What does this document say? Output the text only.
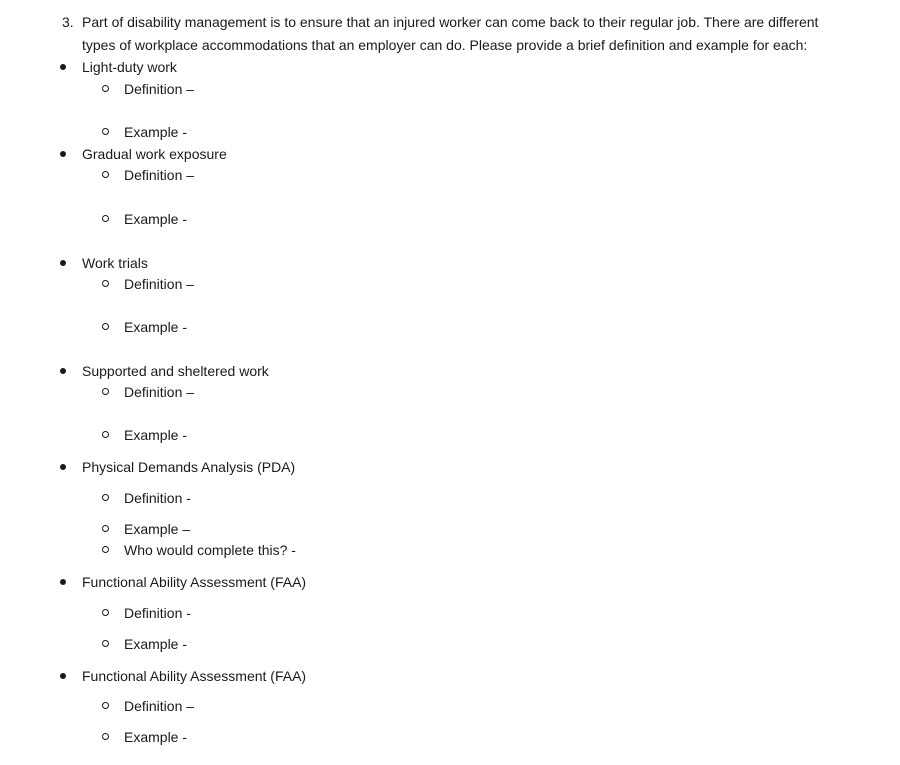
3. Part of disability management is to ensure that an injured worker can come back to their regular job. There are different
types of workplace accommodations that an employer can do. Please provide a brief definition and example for each:
Light-duty work
Definition –
Example -
Gradual work exposure
Definition –
Example -
Work trials
Definition –
Example -
Supported and sheltered work
Definition –
Example -
Physical Demands Analysis (PDA)
Definition -
Example –
Who would complete this? -
Functional Ability Assessment (FAA)
Definition -
Example -
Functional Ability Assessment (FAA)
Definition –
Example -
